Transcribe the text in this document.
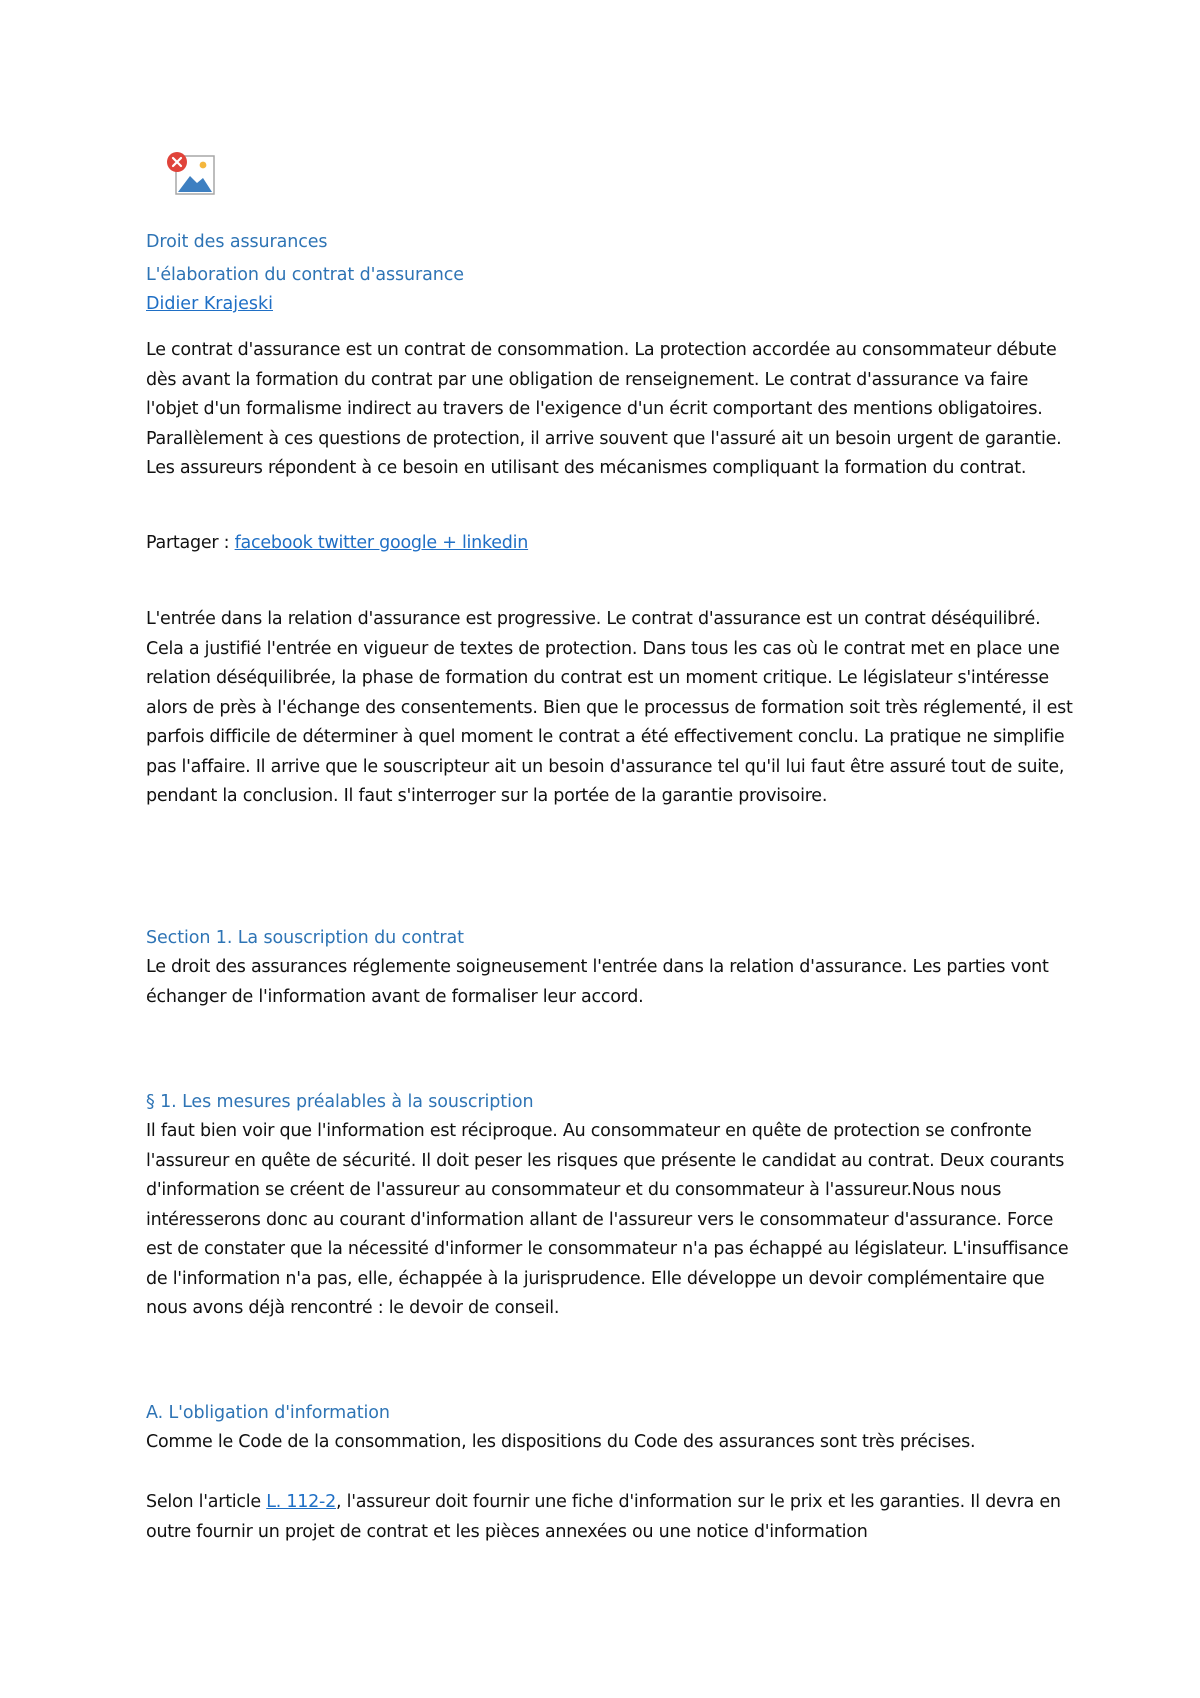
Droit des assurances

L'élaboration du contrat d'assurance

Didier Krajeski

Le contrat d'assurance est un contrat de consommation. La protection accordée au consommateur débute dès avant la formation du contrat par une obligation de renseignement. Le contrat d'assurance va faire l'objet d'un formalisme indirect au travers de l'exigence d'un écrit comportant des mentions obligatoires. Parallèlement à ces questions de protection, il arrive souvent que l'assuré ait un besoin urgent de garantie. Les assureurs répondent à ce besoin en utilisant des mécanismes compliquant la formation du contrat.

Partager : facebook twitter google + linkedin

L'entrée dans la relation d'assurance est progressive. Le contrat d'assurance est un contrat déséquilibré. Cela a justifié l'entrée en vigueur de textes de protection. Dans tous les cas où le contrat met en place une relation déséquilibrée, la phase de formation du contrat est un moment critique. Le législateur s'intéresse alors de près à l'échange des consentements. Bien que le processus de formation soit très réglementé, il est parfois difficile de déterminer à quel moment le contrat a été effectivement conclu. La pratique ne simplifie pas l'affaire. Il arrive que le souscripteur ait un besoin d'assurance tel qu'il lui faut être assuré tout de suite, pendant la conclusion. Il faut s'interroger sur la portée de la garantie provisoire.

Section 1. La souscription du contrat

Le droit des assurances réglemente soigneusement l'entrée dans la relation d'assurance. Les parties vont échanger de l'information avant de formaliser leur accord.

§ 1. Les mesures préalables à la souscription

Il faut bien voir que l'information est réciproque. Au consommateur en quête de protection se confronte l'assureur en quête de sécurité. Il doit peser les risques que présente le candidat au contrat. Deux courants d'information se créent de l'assureur au consommateur et du consommateur à l'assureur.Nous nous intéresserons donc au courant d'information allant de l'assureur vers le consommateur d'assurance. Force est de constater que la nécessité d'informer le consommateur n'a pas échappé au législateur. L'insuffisance de l'information n'a pas, elle, échappée à la jurisprudence. Elle développe un devoir complémentaire que nous avons déjà rencontré : le devoir de conseil.

A. L'obligation d'information

Comme le Code de la consommation, les dispositions du Code des assurances sont très précises.

Selon l'article L. 112-2, l'assureur doit fournir une fiche d'information sur le prix et les garanties. Il devra en outre fournir un projet de contrat et les pièces annexées ou une notice d'information
